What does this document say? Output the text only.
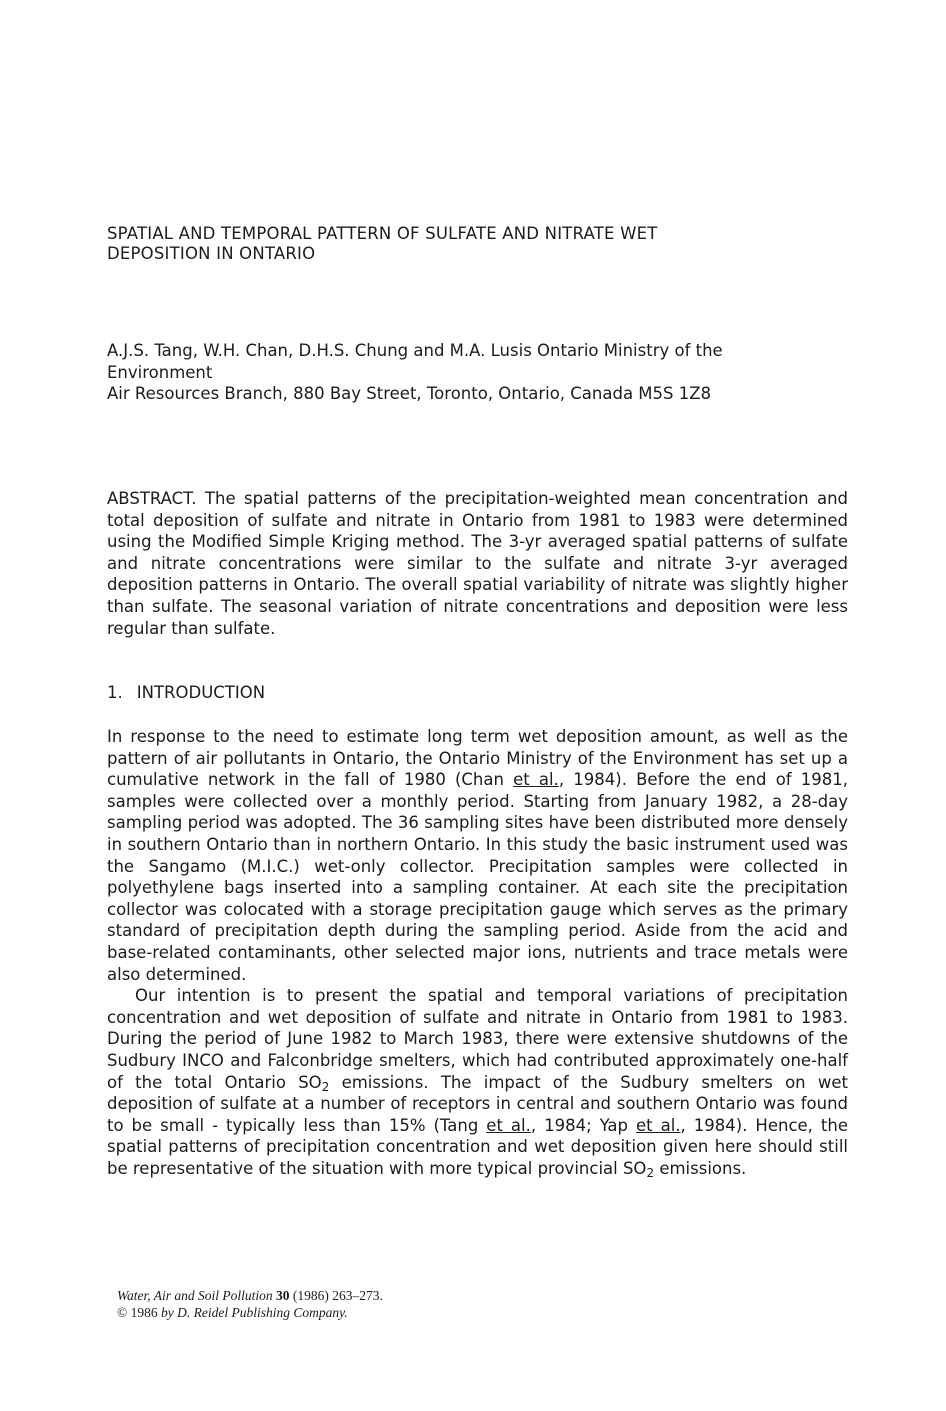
SPATIAL AND TEMPORAL PATTERN OF SULFATE AND NITRATE WET
DEPOSITION IN ONTARIO
A.J.S. Tang, W.H. Chan, D.H.S. Chung and M.A. Lusis Ontario Ministry of the
Environment
Air Resources Branch, 880 Bay Street, Toronto, Ontario, Canada M5S 1Z8
ABSTRACT. The spatial patterns of the precipitation-weighted mean concentration and total deposition of sulfate and nitrate in Ontario from 1981 to 1983 were determined using the Modified Simple Kriging method. The 3-yr averaged spatial patterns of sulfate and nitrate concentrations were similar to the sulfate and nitrate 3-yr averaged deposition patterns in Ontario. The overall spatial variability of nitrate was slightly higher than sulfate. The seasonal variation of nitrate concentrations and deposition were less regular than sulfate.
1. INTRODUCTION

In response to the need to estimate long term wet deposition amount, as well as the pattern of air pollutants in Ontario, the Ontario Ministry of the Environment has set up a cumulative network in the fall of 1980 (Chan et al., 1984). Before the end of 1981, samples were collected over a monthly period. Starting from January 1982, a 28-day sampling period was adopted. The 36 sampling sites have been distributed more densely in southern Ontario than in northern Ontario. In this study the basic instrument used was the Sangamo (M.I.C.) wet-only collector. Precipitation samples were collected in polyethylene bags inserted into a sampling container. At each site the precipitation collector was colocated with a storage precipitation gauge which serves as the primary standard of precipitation depth during the sampling period. Aside from the acid and base-related contaminants, other selected major ions, nutrients and trace metals were also determined.

Our intention is to present the spatial and temporal variations of precipitation concentration and wet deposition of sulfate and nitrate in Ontario from 1981 to 1983. During the period of June 1982 to March 1983, there were extensive shutdowns of the Sudbury INCO and Falconbridge smelters, which had contributed approximately one-half of the total Ontario $SO_2$ emissions. The impact of the Sudbury smelters on wet deposition of sulfate at a number of receptors in central and southern Ontario was found to be small - typically less than 15% (Tang et al., 1984; Yap et al., 1984). Hence, the spatial patterns of precipitation concentration and wet deposition given here should still be representative of the situation with more typical provincial $SO_2$ emissions.

Water, Air and Soil Pollution 30 (1986) 263–273.
© 1986 by D. Reidel Publishing Company.
